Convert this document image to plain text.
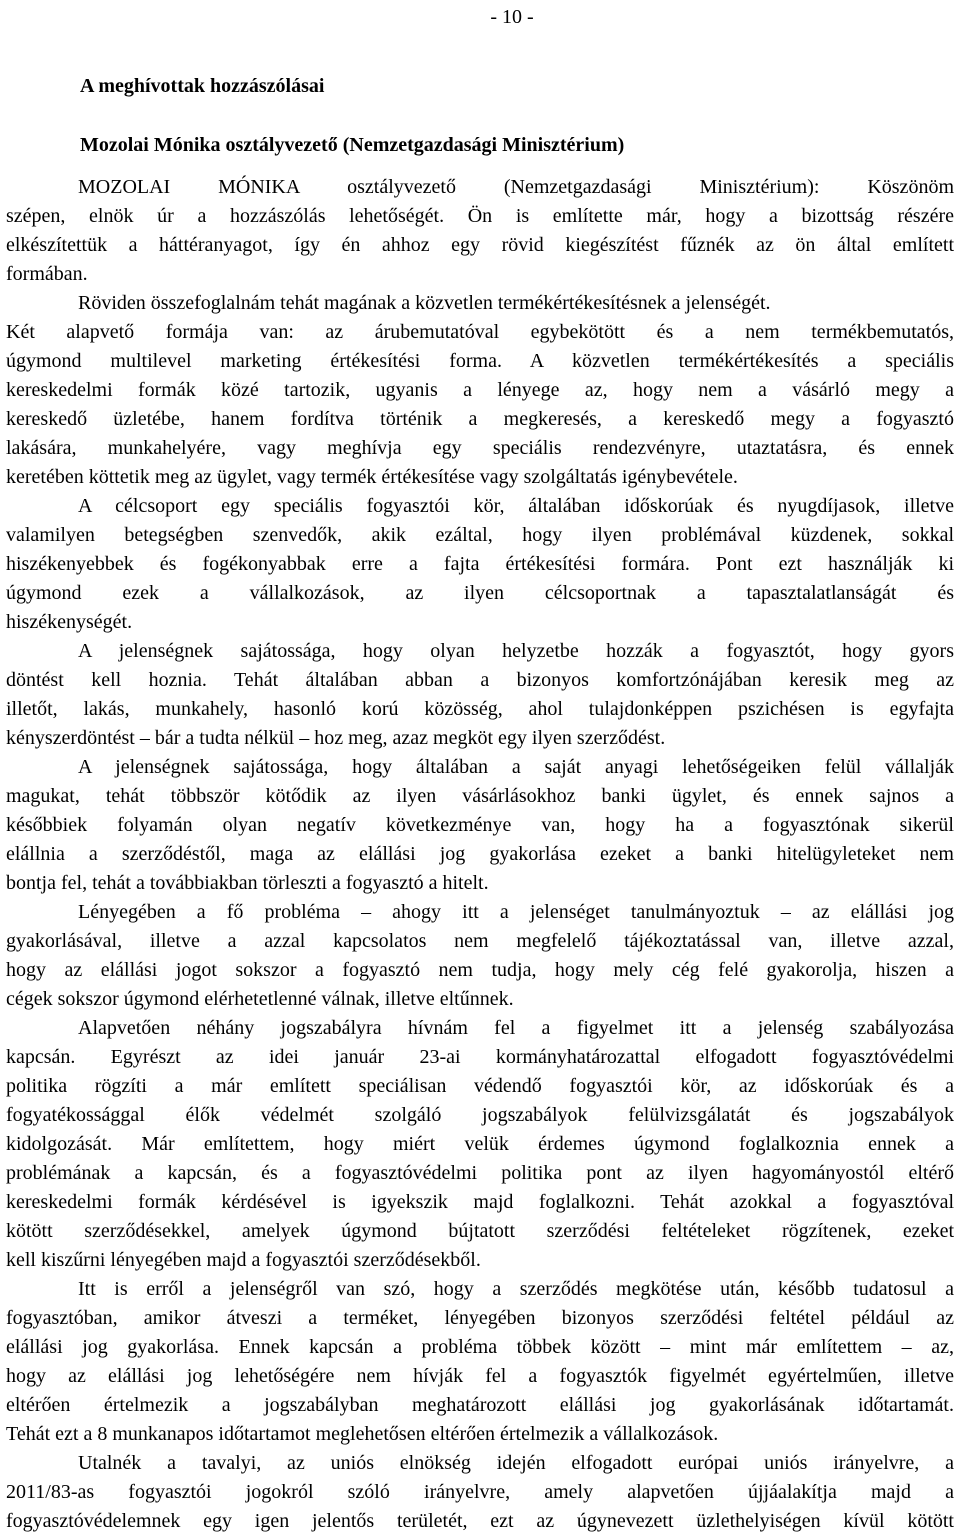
- 10 -
A meghívottak hozzászólásai
Mozolai Mónika osztályvezető (Nemzetgazdasági Minisztérium)
MOZOLAI MÓNIKA osztályvezető (Nemzetgazdasági Minisztérium): Köszönöm
szépen, elnök úr a hozzászólás lehetőségét. Ön is említette már, hogy a bizottság részére
elkészítettük a háttéranyagot, így én ahhoz egy rövid kiegészítést fűznék az ön által említett
formában.
Röviden összefoglalnám tehát magának a közvetlen termékértékesítésnek a jelenségét.
Két alapvető formája van: az árubemutatóval egybekötött és a nem termékbemutatós,
úgymond multilevel marketing értékesítési forma. A közvetlen termékértékesítés a speciális
kereskedelmi formák közé tartozik, ugyanis a lényege az, hogy nem a vásárló megy a
kereskedő üzletébe, hanem fordítva történik a megkeresés, a kereskedő megy a fogyasztó
lakására, munkahelyére, vagy meghívja egy speciális rendezvényre, utaztatásra, és ennek
keretében köttetik meg az ügylet, vagy termék értékesítése vagy szolgáltatás igénybevétele.
A célcsoport egy speciális fogyasztói kör, általában időskorúak és nyugdíjasok, illetve
valamilyen betegségben szenvedők, akik ezáltal, hogy ilyen problémával küzdenek, sokkal
hiszékenyebbek és fogékonyabbak erre a fajta értékesítési formára. Pont ezt használják ki
úgymond ezek a vállalkozások, az ilyen célcsoportnak a tapasztalatlanságát és
hiszékenységét.
A jelenségnek sajátossága, hogy olyan helyzetbe hozzák a fogyasztót, hogy gyors
döntést kell hoznia. Tehát általában abban a bizonyos komfortzónájában keresik meg az
illetőt, lakás, munkahely, hasonló korú közösség, ahol tulajdonképpen pszichésen is egyfajta
kényszerdöntést – bár a tudta nélkül – hoz meg, azaz megköt egy ilyen szerződést.
A jelenségnek sajátossága, hogy általában a saját anyagi lehetőségeiken felül vállalják
magukat, tehát többször kötődik az ilyen vásárlásokhoz banki ügylet, és ennek sajnos a
későbbiek folyamán olyan negatív következménye van, hogy ha a fogyasztónak sikerül
elállnia a szerződéstől, maga az elállási jog gyakorlása ezeket a banki hitelügyleteket nem
bontja fel, tehát a továbbiakban törleszti a fogyasztó a hitelt.
Lényegében a fő probléma – ahogy itt a jelenséget tanulmányoztuk – az elállási jog
gyakorlásával, illetve a azzal kapcsolatos nem megfelelő tájékoztatással van, illetve azzal,
hogy az elállási jogot sokszor a fogyasztó nem tudja, hogy mely cég felé gyakorolja, hiszen a
cégek sokszor úgymond elérhetetlenné válnak, illetve eltűnnek.
Alapvetően néhány jogszabályra hívnám fel a figyelmet itt a jelenség szabályozása
kapcsán. Egyrészt az idei január 23-ai kormányhatározattal elfogadott fogyasztóvédelmi
politika rögzíti a már említett speciálisan védendő fogyasztói kör, az időskorúak és a
fogyatékossággal élők védelmét szolgáló jogszabályok felülvizsgálatát és jogszabályok
kidolgozását. Már említettem, hogy miért velük érdemes úgymond foglalkoznia ennek a
problémának a kapcsán, és a fogyasztóvédelmi politika pont az ilyen hagyományostól eltérő
kereskedelmi formák kérdésével is igyekszik majd foglalkozni. Tehát azokkal a fogyasztóval
kötött szerződésekkel, amelyek úgymond bújtatott szerződési feltételeket rögzítenek, ezeket
kell kiszűrni lényegében majd a fogyasztói szerződésekből.
Itt is erről a jelenségről van szó, hogy a szerződés megkötése után, később tudatosul a
fogyasztóban, amikor átveszi a terméket, lényegében bizonyos szerződési feltétel például az
elállási jog gyakorlása. Ennek kapcsán a probléma többek között – mint már említettem – az,
hogy az elállási jog lehetőségére nem hívják fel a fogyasztók figyelmét egyértelműen, illetve
eltérően értelmezik a jogszabályban meghatározott elállási jog gyakorlásának időtartamát.
Tehát ezt a 8 munkanapos időtartamot meglehetősen eltérően értelmezik a vállalkozások.
Utalnék a tavalyi, az uniós elnökség idején elfogadott európai uniós irányelvre, a
2011/83-as fogyasztói jogokról szóló irányelvre, amely alapvetően újjáalakítja majd a
fogyasztóvédelemnek egy igen jelentős területét, ezt az úgynevezett üzlethelyiségen kívül kötött
